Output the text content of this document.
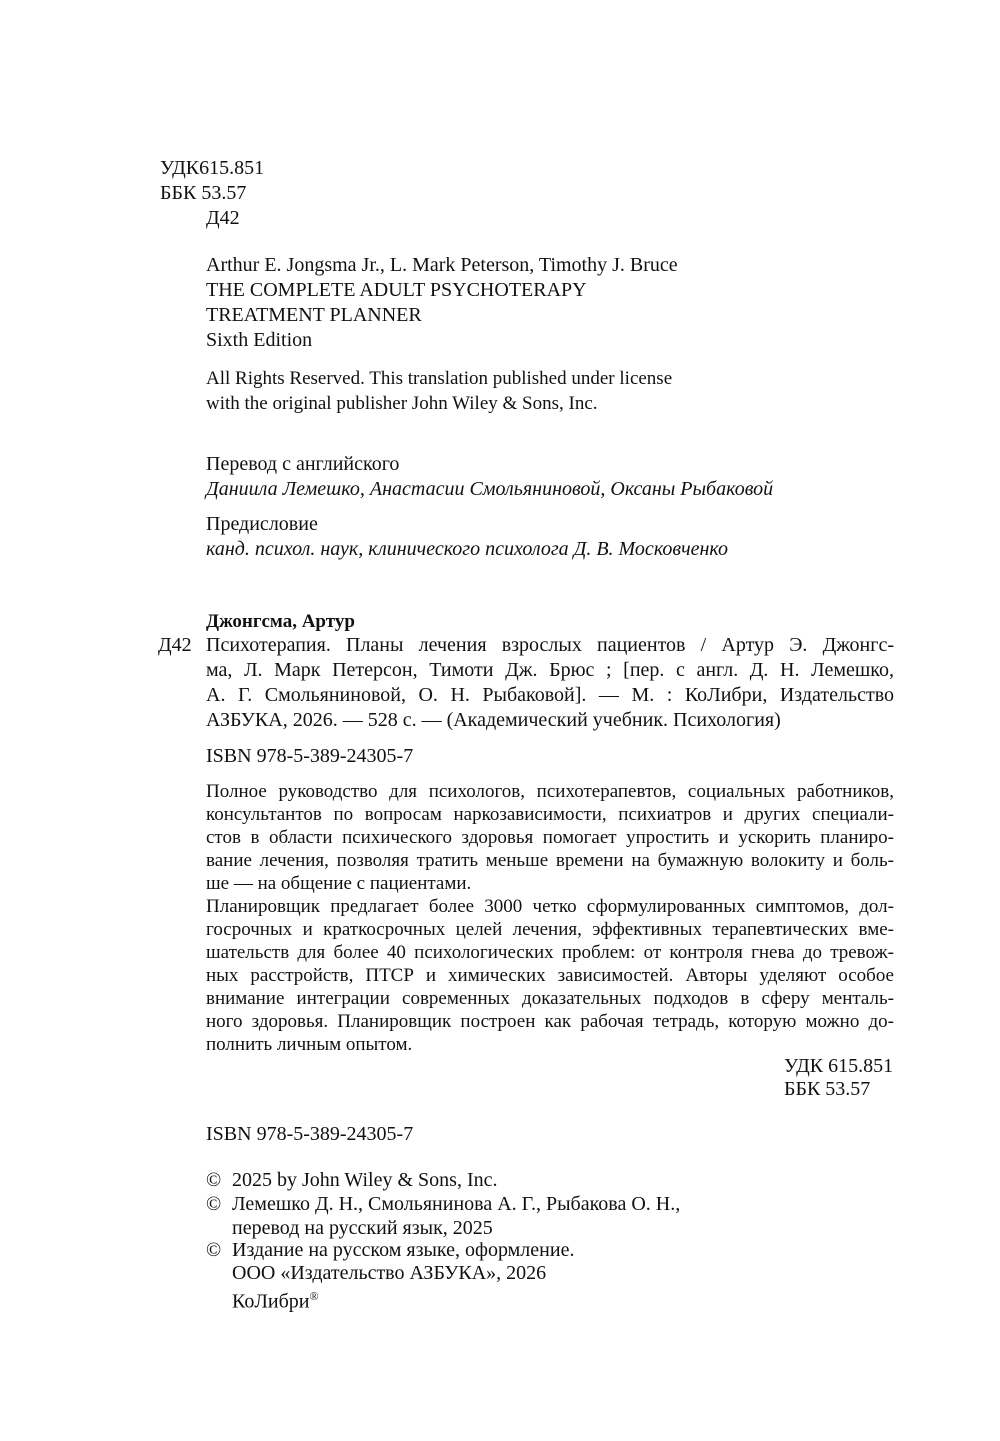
УДК615.851
ББК 53.57
Д42
Arthur E. Jongsma Jr., L. Mark Peterson, Timothy J. Bruce
THE COMPLETE ADULT PSYCHOTERAPY
TREATMENT PLANNER
Sixth Edition
All Rights Reserved. This translation published under license
with the original publisher John Wiley & Sons, Inc.
Перевод с английского
Даниила Лемешко, Анастасии Смольяниновой, Оксаны Рыбаковой
Предисловие
канд. психол. наук, клинического психолога Д. В. Московченко
Джонгсма, Артур
Д42 Психотерапия. Планы лечения взрослых пациентов / Артур Э. Джонгс-
ма, Л. Марк Петерсон, Тимоти Дж. Брюс ; [пер. с англ. Д. Н. Лемешко,
А. Г. Смольяниновой, О. Н. Рыбаковой]. — М. : КоЛибри, Издательство
АЗБУКА, 2026. — 528 с. — (Академический учебник. Психология)
ISBN 978-5-389-24305-7
Полное руководство для психологов, психотерапевтов, социальных работников,
консультантов по вопросам наркозависимости, психиатров и других специали-
стов в области психического здоровья помогает упростить и ускорить планиро-
вание лечения, позволяя тратить меньше времени на бумажную волокиту и боль-
ше — на общение с пациентами.
Планировщик предлагает более 3000 четко сформулированных симптомов, дол-
госрочных и краткосрочных целей лечения, эффективных терапевтических вме-
шательств для более 40 психологических проблем: от контроля гнева до тревож-
ных расстройств, ПТСР и химических зависимостей. Авторы уделяют особое
внимание интеграции современных доказательных подходов в сферу менталь-
ного здоровья. Планировщик построен как рабочая тетрадь, которую можно до-
полнить личным опытом.
УДК 615.851
ББК 53.57
ISBN 978-5-389-24305-7
© 2025 by John Wiley & Sons, Inc.
© Лемешко Д. Н., Смольянинова А. Г., Рыбакова О. Н.,
перевод на русский язык, 2025
© Издание на русском языке, оформление.
ООО «Издательство АЗБУКА», 2026
КоЛибри®
